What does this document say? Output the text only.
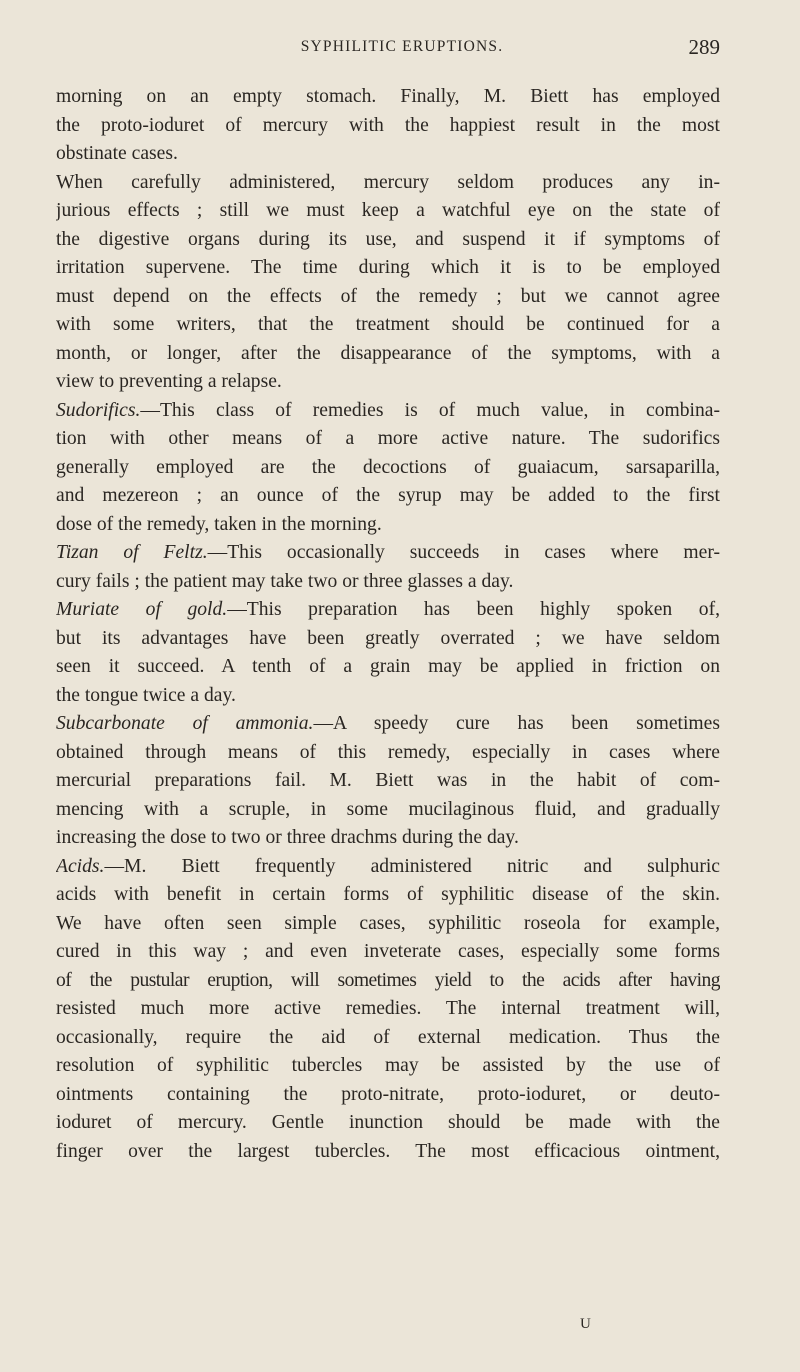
SYPHILITIC ERUPTIONS.	289
morning on an empty stomach. Finally, M. Biett has employed
the proto-ioduret of mercury with the happiest result in the most
obstinate cases.
When carefully administered, mercury seldom produces any in-
jurious effects ; still we must keep a watchful eye on the state of
the digestive organs during its use, and suspend it if symptoms of
irritation supervene. The time during which it is to be employed
must depend on the effects of the remedy ; but we cannot agree
with some writers, that the treatment should be continued for a
month, or longer, after the disappearance of the symptoms, with a
view to preventing a relapse.
Sudorifics.—This class of remedies is of much value, in combina-
tion with other means of a more active nature. The sudorifics
generally employed are the decoctions of guaiacum, sarsaparilla,
and mezereon ; an ounce of the syrup may be added to the first
dose of the remedy, taken in the morning.
Tizan of Feltz.—This occasionally succeeds in cases where mer-
cury fails ; the patient may take two or three glasses a day.
Muriate of gold.—This preparation has been highly spoken of,
but its advantages have been greatly overrated ; we have seldom
seen it succeed. A tenth of a grain may be applied in friction on
the tongue twice a day.
Subcarbonate of ammonia.—A speedy cure has been sometimes
obtained through means of this remedy, especially in cases where
mercurial preparations fail. M. Biett was in the habit of com-
mencing with a scruple, in some mucilaginous fluid, and gradually
increasing the dose to two or three drachms during the day.
Acids.—M. Biett frequently administered nitric and sulphuric
acids with benefit in certain forms of syphilitic disease of the skin.
We have often seen simple cases, syphilitic roseola for example,
cured in this way ; and even inveterate cases, especially some forms
of the pustular eruption, will sometimes yield to the acids after having
resisted much more active remedies. The internal treatment will,
occasionally, require the aid of external medication. Thus the
resolution of syphilitic tubercles may be assisted by the use of
ointments containing the proto-nitrate, proto-ioduret, or deuto-
ioduret of mercury. Gentle inunction should be made with the
finger over the largest tubercles. The most efficacious ointment,
U
